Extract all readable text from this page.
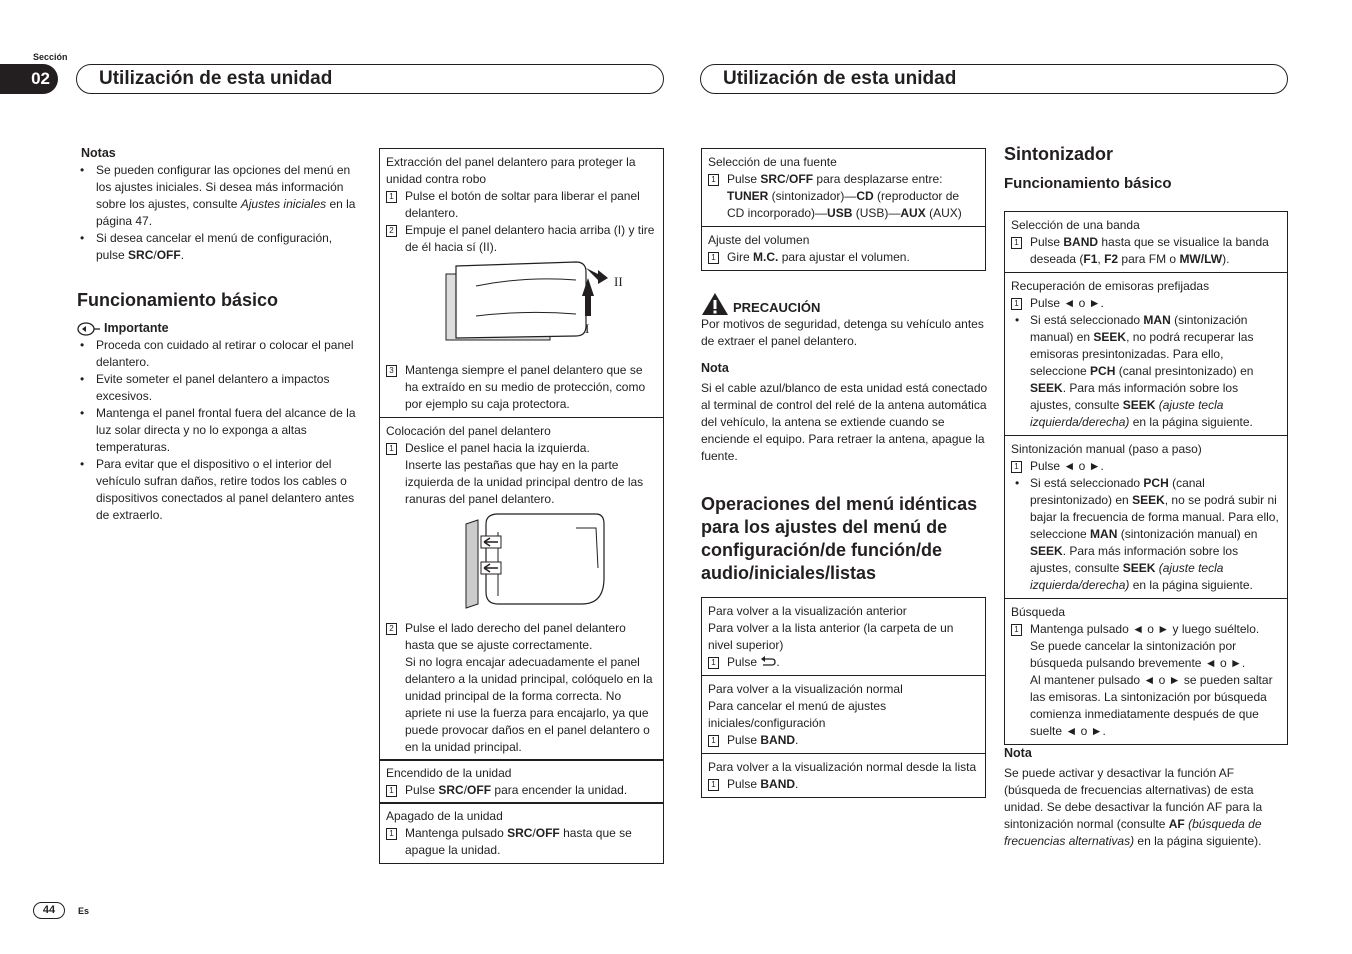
Sección
02	Utilización de esta unidad	Utilización de esta unidad
Notas
• Se pueden configurar las opciones del menú en los ajustes iniciales. Si desea más información sobre los ajustes, consulte Ajustes iniciales en la página 47.
• Si desea cancelar el menú de configuración, pulse SRC/OFF.
Funcionamiento básico
Importante
• Proceda con cuidado al retirar o colocar el panel delantero.
• Evite someter el panel delantero a impactos excesivos.
• Mantenga el panel frontal fuera del alcance de la luz solar directa y no lo exponga a altas temperaturas.
• Para evitar que el dispositivo o el interior del vehículo sufran daños, retire todos los cables o dispositivos conectados al panel delantero antes de extraerlo.
Extracción del panel delantero para proteger la unidad contra robo
1 Pulse el botón de soltar para liberar el panel delantero.
2 Empuje el panel delantero hacia arriba (I) y tire de él hacia sí (II).
I
II
3 Mantenga siempre el panel delantero que se ha extraído en su medio de protección, como por ejemplo su caja protectora.
Colocación del panel delantero
1 Deslice el panel hacia la izquierda.
Inserte las pestañas que hay en la parte izquierda de la unidad principal dentro de las ranuras del panel delantero.
2 Pulse el lado derecho del panel delantero hasta que se ajuste correctamente.
Si no logra encajar adecuadamente el panel delantero a la unidad principal, colóquelo en la unidad principal de la forma correcta. No apriete ni use la fuerza para encajarlo, ya que puede provocar daños en el panel delantero o en la unidad principal.
Encendido de la unidad
1 Pulse SRC/OFF para encender la unidad.
Apagado de la unidad
1 Mantenga pulsado SRC/OFF hasta que se apague la unidad.
Selección de una fuente
1 Pulse SRC/OFF para desplazarse entre:
TUNER (sintonizador)—CD (reproductor de CD incorporado)—USB (USB)—AUX (AUX)
Ajuste del volumen
1 Gire M.C. para ajustar el volumen.
PRECAUCIÓN

Por motivos de seguridad, detenga su vehículo antes de extraer el panel delantero.

Nota

Si el cable azul/blanco de esta unidad está conectado al terminal de control del relé de la antena automática del vehículo, la antena se extiende cuando se enciende el equipo. Para retraer la antena, apague la fuente.

Operaciones del menú idénticas para los ajustes del menú de configuración/de función/de audio/iniciales/listas
Para volver a la visualización anterior
Para volver a la lista anterior (la carpeta de un nivel superior)
1 Pulse .
Para volver a la visualización normal
Para cancelar el menú de ajustes iniciales/configuración
1 Pulse BAND.
Para volver a la visualización normal desde la lista
1 Pulse BAND.
Sintonizador
Funcionamiento básico
Selección de una banda
1 Pulse BAND hasta que se visualice la banda deseada (F1, F2 para FM o MW/LW).
Recuperación de emisoras prefijadas
1 Pulse ◄ o ►.
• Si está seleccionado MAN (sintonización manual) en SEEK, no podrá recuperar las emisoras presintonizadas. Para ello, seleccione PCH (canal presintonizado) en SEEK. Para más información sobre los ajustes, consulte SEEK (ajuste tecla izquierda/derecha) en la página siguiente.
Sintonización manual (paso a paso)
1 Pulse ◄ o ►.
• Si está seleccionado PCH (canal presintonizado) en SEEK, no se podrá subir ni bajar la frecuencia de forma manual. Para ello, seleccione MAN (sintonización manual) en SEEK. Para más información sobre los ajustes, consulte SEEK (ajuste tecla izquierda/derecha) en la página siguiente.
Búsqueda
1 Mantenga pulsado ◄ o ► y luego suéltelo.
Se puede cancelar la sintonización por búsqueda pulsando brevemente ◄ o ►.
Al mantener pulsado ◄ o ► se pueden saltar las emisoras. La sintonización por búsqueda comienza inmediatamente después de que suelte ◄ o ►.
Nota

Se puede activar y desactivar la función AF (búsqueda de frecuencias alternativas) de esta unidad. Se debe desactivar la función AF para la sintonización normal (consulte AF (búsqueda de frecuencias alternativas) en la página siguiente).

44	Es
